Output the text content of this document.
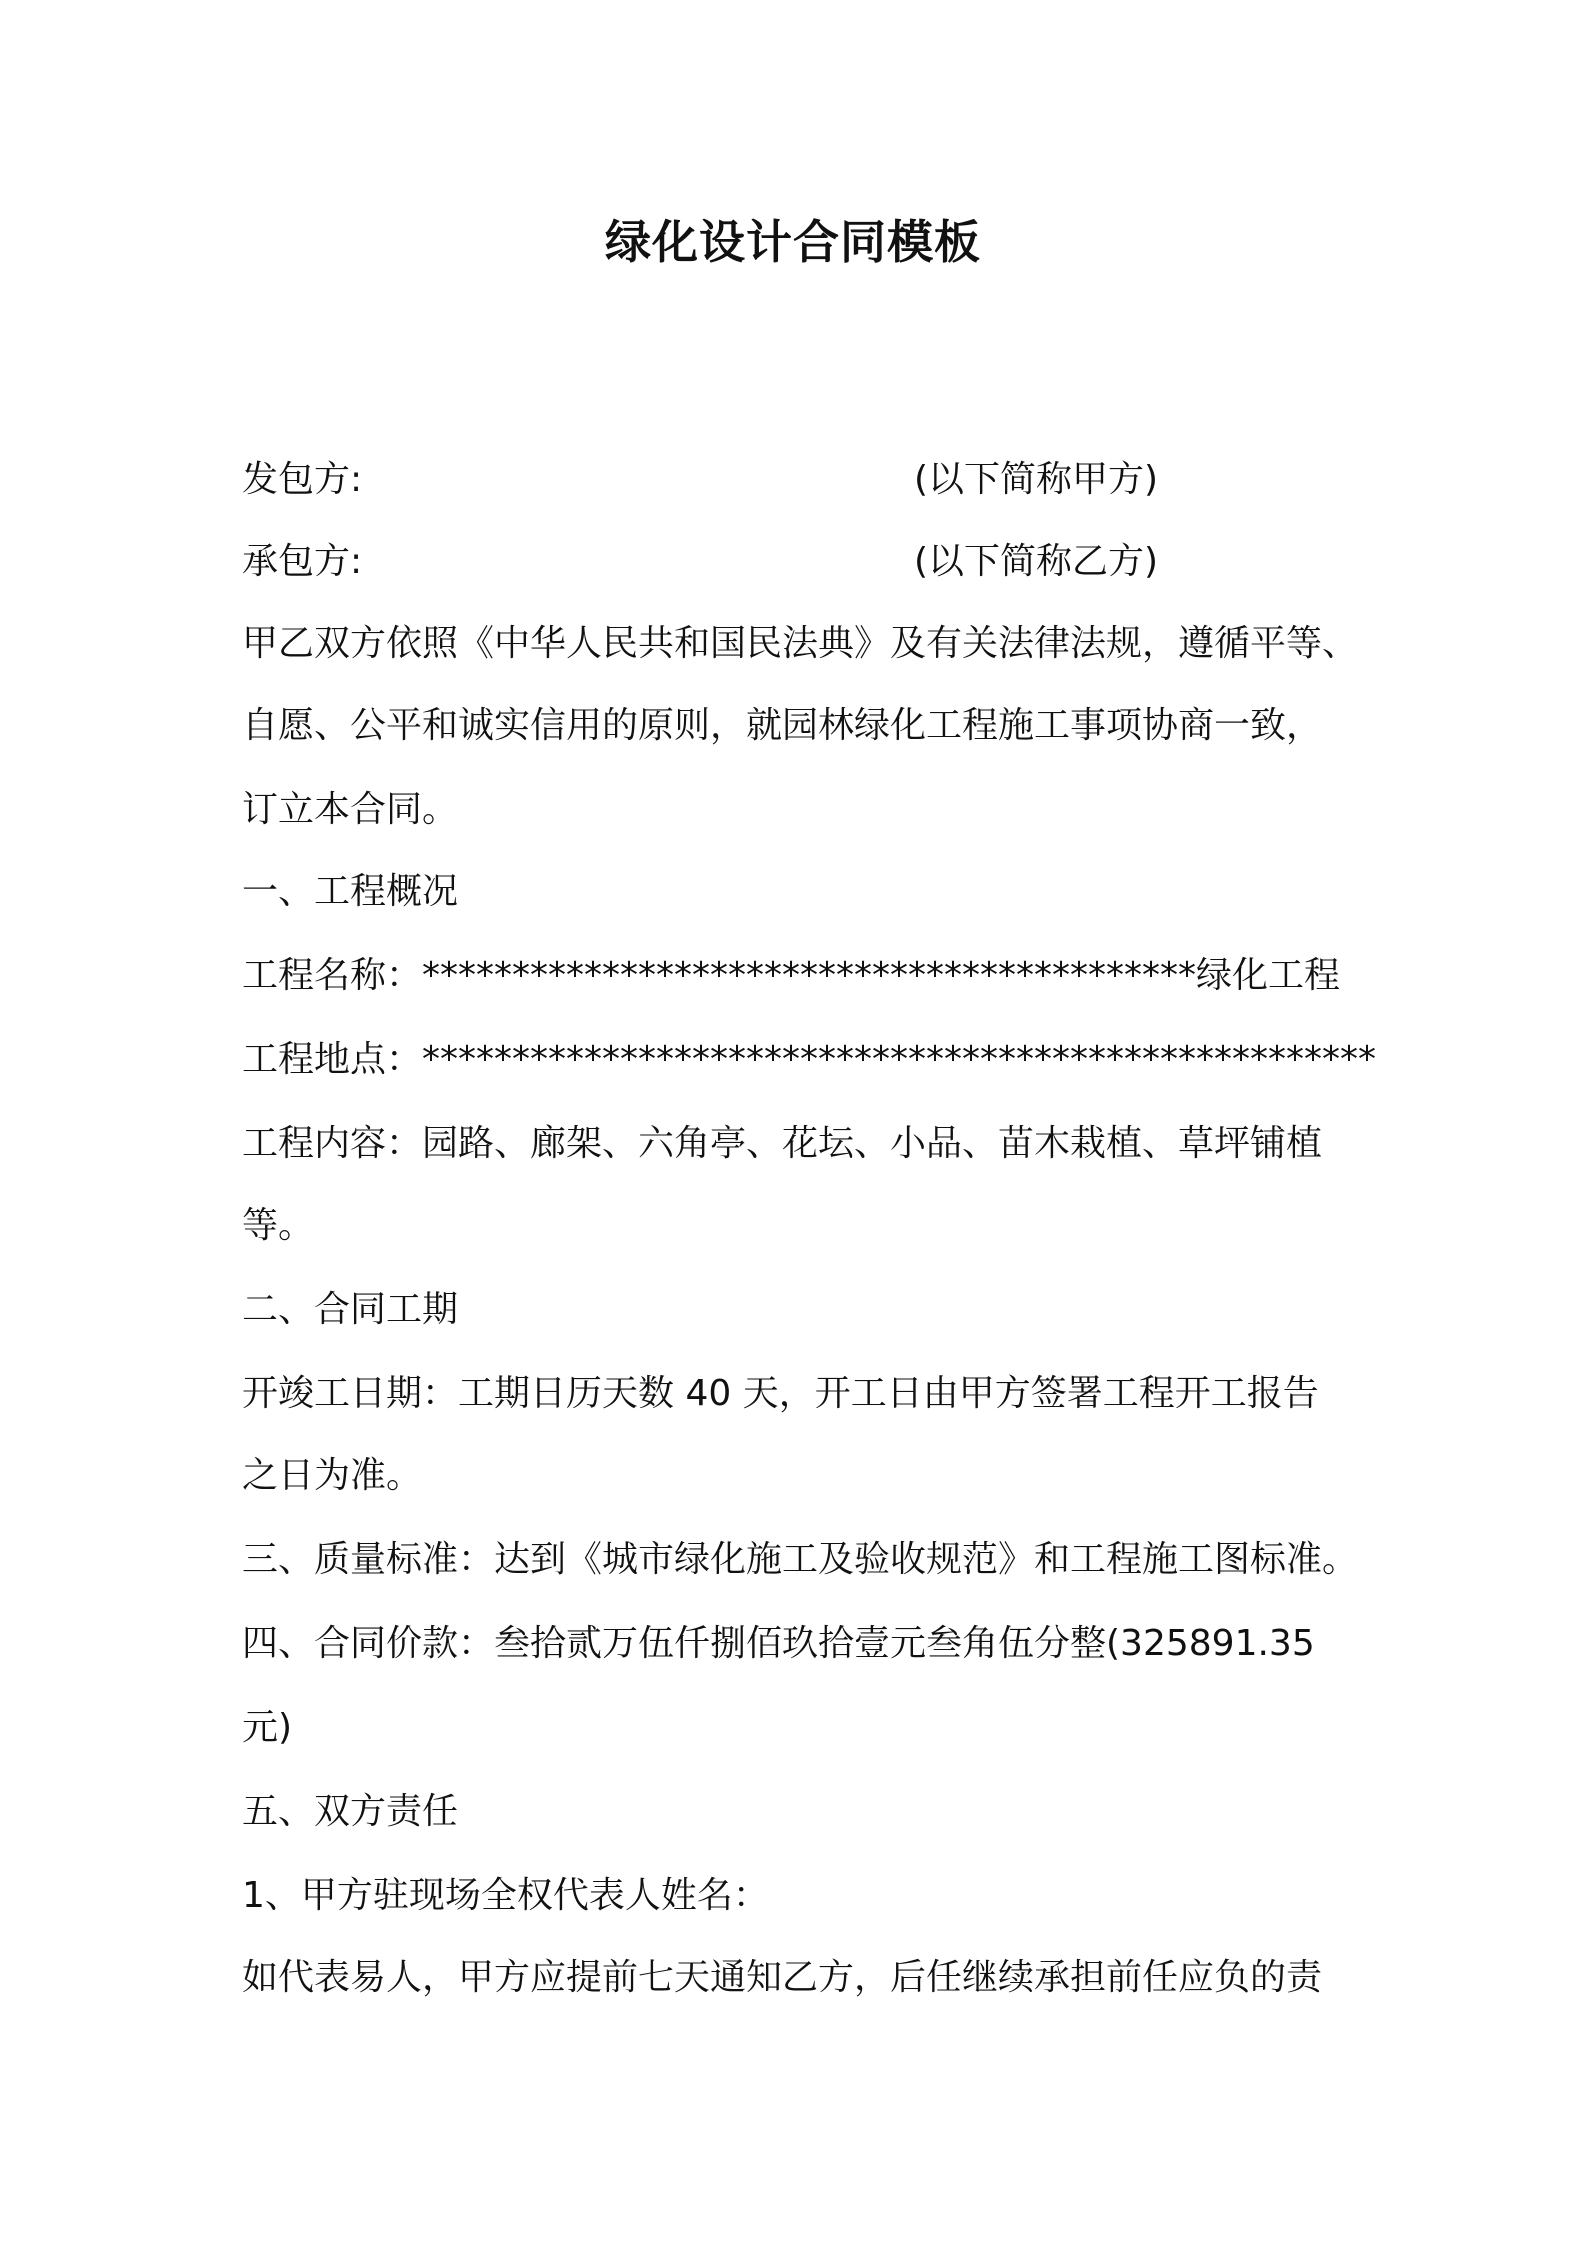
绿化设计合同模板
发包方:	(以下简称甲方)
承包方:	(以下简称乙方)
甲乙双方依照《中华人民共和国民法典》及有关法律法规，遵循平等、
自愿、公平和诚实信用的原则，就园林绿化工程施工事项协商一致，
订立本合同。
一、工程概况
工程名称：*******************************************绿化工程
工程地点：*****************************************************
工程内容：园路、廊架、六角亭、花坛、小品、苗木栽植、草坪铺植
等。
二、合同工期
开竣工日期：工期日历天数 40 天，开工日由甲方签署工程开工报告
之日为准。
三、质量标准：达到《城市绿化施工及验收规范》和工程施工图标准。
四、合同价款：叁拾贰万伍仟捌佰玖拾壹元叁角伍分整(325891.35
元)
五、双方责任
1、甲方驻现场全权代表人姓名：
如代表易人，甲方应提前七天通知乙方，后任继续承担前任应负的责
